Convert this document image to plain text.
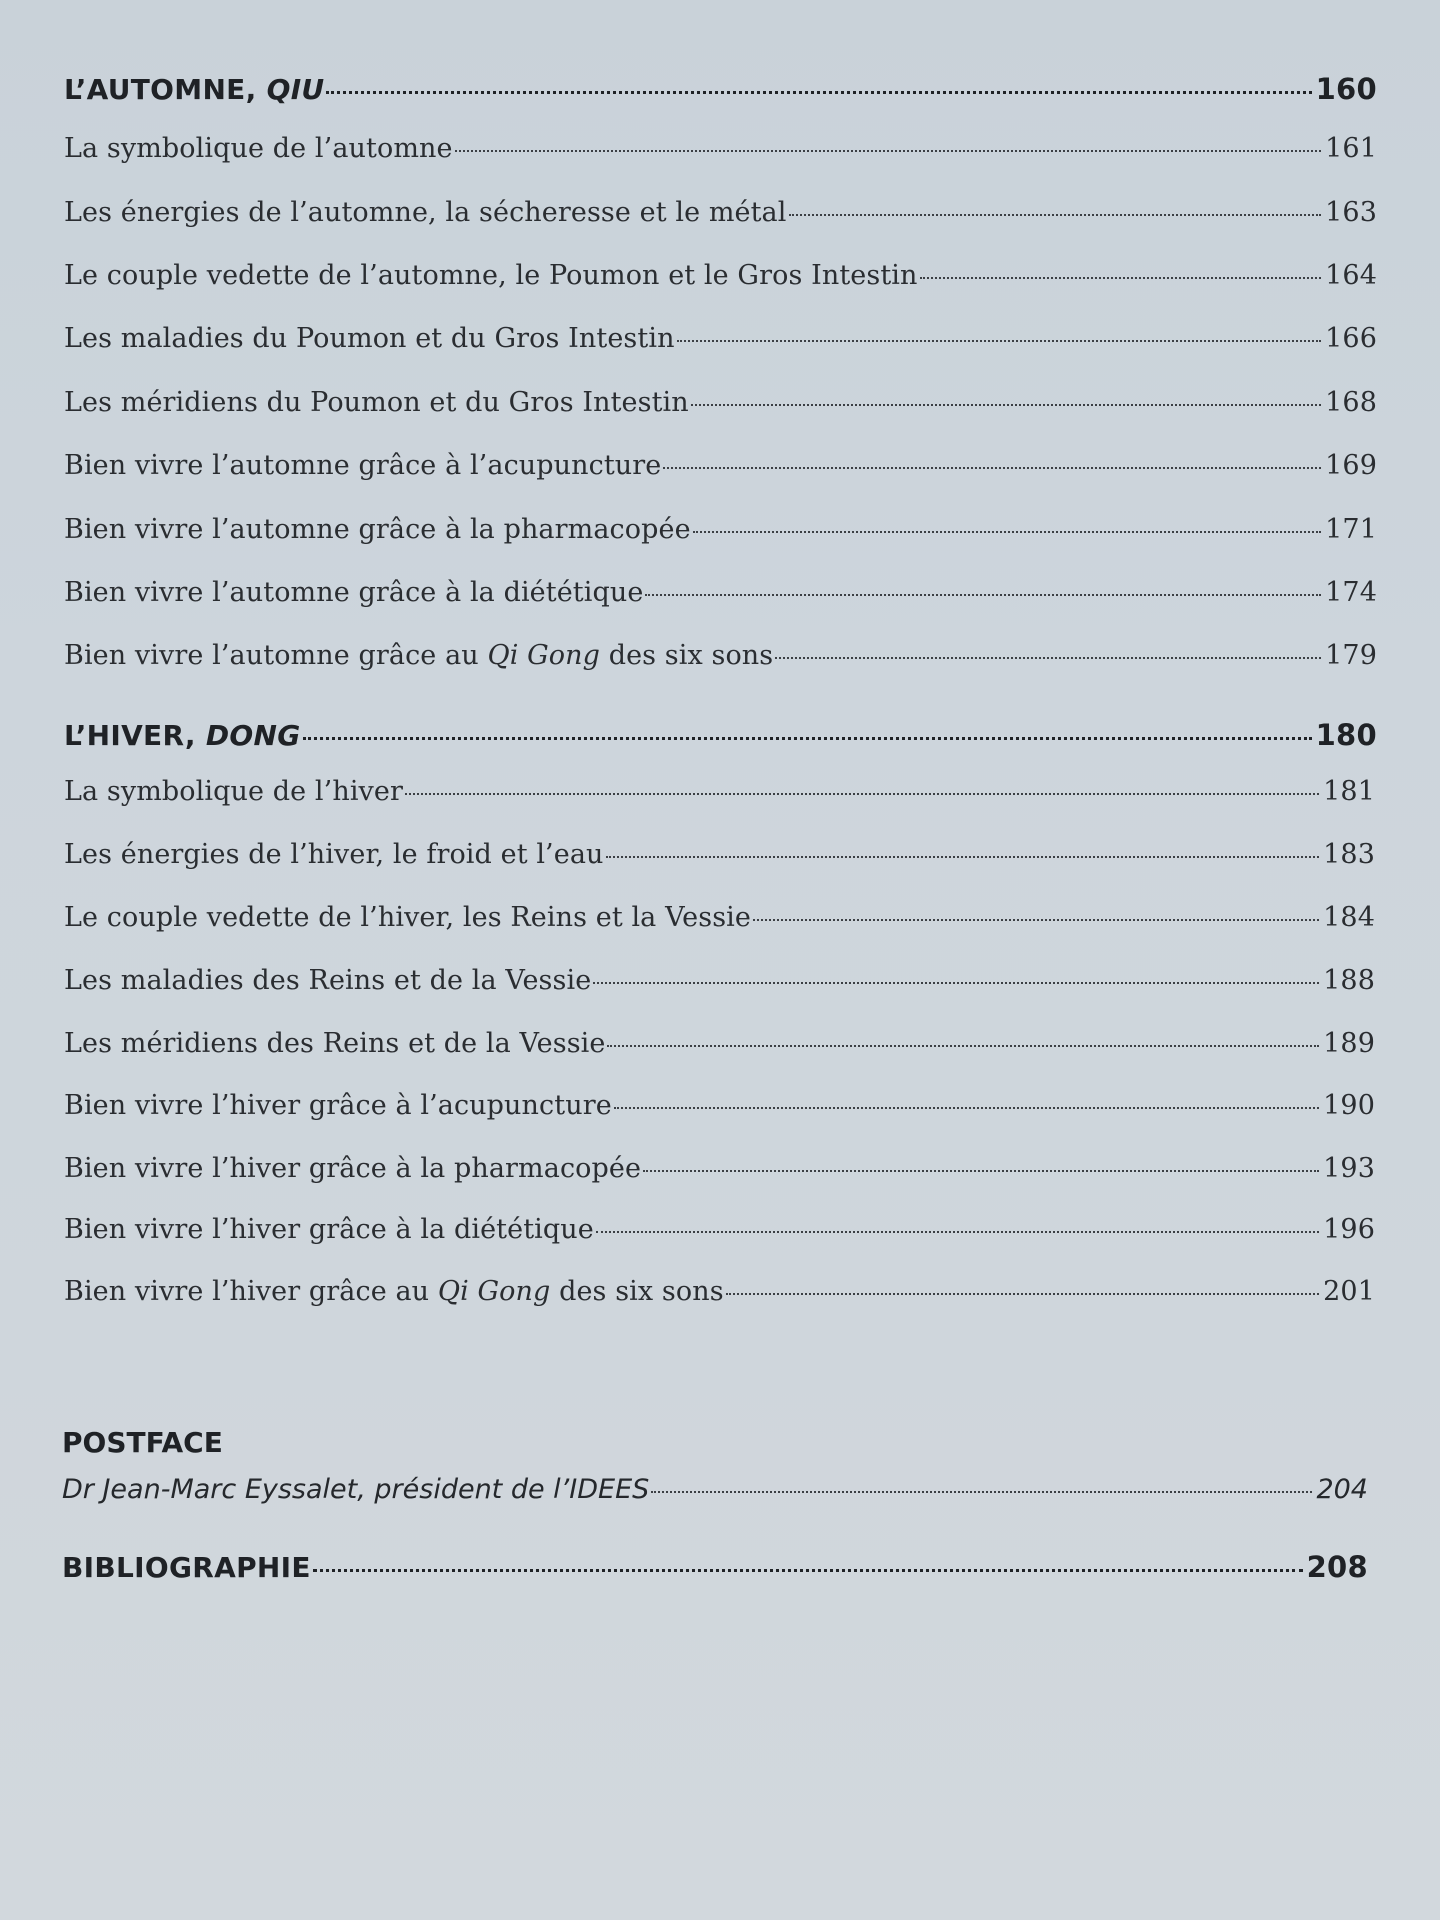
L’AUTOMNE, QIU	160
La symbolique de l’automne	161
Les énergies de l’automne, la sécheresse et le métal	163
Le couple vedette de l’automne, le Poumon et le Gros Intestin	164
Les maladies du Poumon et du Gros Intestin	166
Les méridiens du Poumon et du Gros Intestin	168
Bien vivre l’automne grâce à l’acupuncture	169
Bien vivre l’automne grâce à la pharmacopée	171
Bien vivre l’automne grâce à la diététique	174
Bien vivre l’automne grâce au Qi Gong des six sons	179
L’HIVER, DONG	180
La symbolique de l’hiver	181
Les énergies de l’hiver, le froid et l’eau	183
Le couple vedette de l’hiver, les Reins et la Vessie	184
Les maladies des Reins et de la Vessie	188
Les méridiens des Reins et de la Vessie	189
Bien vivre l’hiver grâce à l’acupuncture	190
Bien vivre l’hiver grâce à la pharmacopée	193
Bien vivre l’hiver grâce à la diététique	196
Bien vivre l’hiver grâce au Qi Gong des six sons	201
POSTFACE
Dr Jean-Marc Eyssalet, président de l’IDEES	204
BIBLIOGRAPHIE	208
